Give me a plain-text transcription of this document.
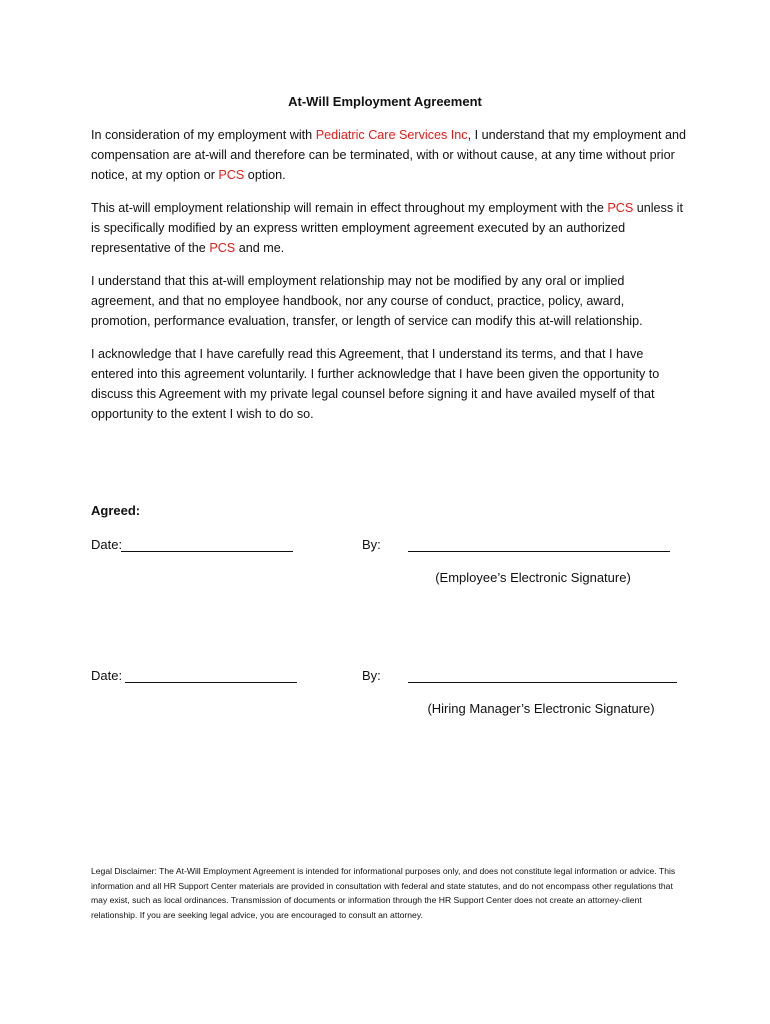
At-Will Employment Agreement
In consideration of my employment with Pediatric Care Services Inc, I understand that my employment and compensation are at-will and therefore can be terminated, with or without cause, at any time without prior notice, at my option or PCS option.
This at-will employment relationship will remain in effect throughout my employment with the PCS unless it is specifically modified by an express written employment agreement executed by an authorized representative of the PCS and me.
I understand that this at-will employment relationship may not be modified by any oral or implied agreement, and that no employee handbook, nor any course of conduct, practice, policy, award, promotion, performance evaluation, transfer, or length of service can modify this at-will relationship.
I acknowledge that I have carefully read this Agreement, that I understand its terms, and that I have entered into this agreement voluntarily. I further acknowledge that I have been given the opportunity to discuss this Agreement with my private legal counsel before signing it and have availed myself of that opportunity to the extent I wish to do so.
Agreed:
Date:	By:
(Employee’s Electronic Signature)
Date:	By:
(Hiring Manager’s Electronic Signature)
Legal Disclaimer: The At-Will Employment Agreement is intended for informational purposes only, and does not constitute legal information or advice. This information and all HR Support Center materials are provided in consultation with federal and state statutes, and do not encompass other regulations that may exist, such as local ordinances. Transmission of documents or information through the HR Support Center does not create an attorney-client relationship. If you are seeking legal advice, you are encouraged to consult an attorney.
